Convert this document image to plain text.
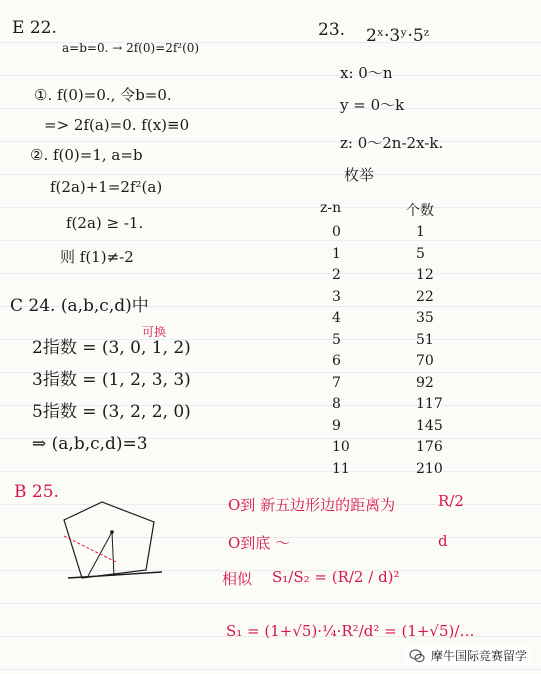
E 22.
a=b=0. → 2f(0)=2f²(0)
①. f(0)=0., 令b=0.
=> 2f(a)=0. f(x)≡0
②. f(0)=1, a=b
f(2a)+1=2f²(a)
f(2a) ≥ -1.
则 f(1)≠-2
23. 2ˣ·3ʸ·5ᶻ
x: 0～n
y = 0～k
z: 0～2n-2x-k.
枚举
z-n	个数
0	1
1	5
2	12
3	22
4	35
5	51
6	70
7	92
8	117
9	145
10	176
11	210
C 24. (a,b,c,d)中
可换
2指数 = (3, 0, 1, 2)
3指数 = (1, 2, 3, 3)
5指数 = (3, 2, 2, 0)
⇒ (a,b,c,d)=3
B 25.
O到 新五边形边的距离为	R/2
O到底 ～	d
相似 S₁/S₂ = (R/2 / d)²
S₁ = (1+√5)·¼·R²/d² = (1+√5)/…
摩牛国际竞赛留学
